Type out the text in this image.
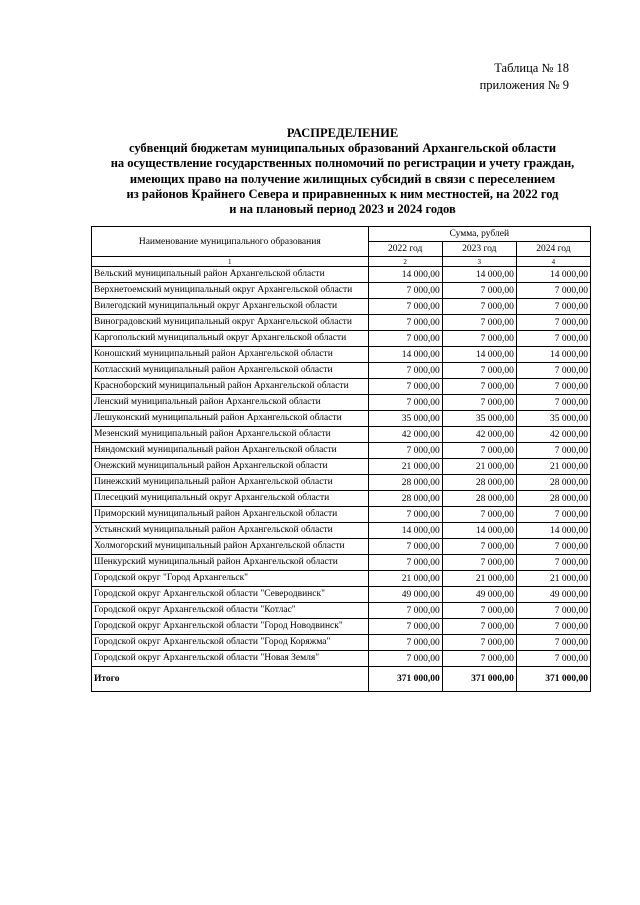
Таблица № 18
приложения № 9
РАСПРЕДЕЛЕНИЕ
субвенций бюджетам муниципальных образований Архангельской области
на осуществление государственных полномочий по регистрации и учету граждан,
имеющих право на получение жилищных субсидий в связи с переселением
из районов Крайнего Севера и приравненных к ним местностей, на 2022 год
и на плановый период 2023 и 2024 годов
Наименование муниципального образования	Сумма, рублей		
	2022 год	2023 год	2024 год
1	2	3	4
Вельский муниципальный район Архангельской области	14 000,00	14 000,00	14 000,00
Верхнетоемский муниципальный округ Архангельской области	7 000,00	7 000,00	7 000,00
Вилегодский муниципальный округ Архангельской области	7 000,00	7 000,00	7 000,00
Виноградовский муниципальный округ Архангельской области	7 000,00	7 000,00	7 000,00
Каргопольский муниципальный округ Архангельской области	7 000,00	7 000,00	7 000,00
Коношский муниципальный район Архангельской области	14 000,00	14 000,00	14 000,00
Котласский муниципальный район Архангельской области	7 000,00	7 000,00	7 000,00
Красноборский муниципальный район Архангельской области	7 000,00	7 000,00	7 000,00
Ленский муниципальный район Архангельской области	7 000,00	7 000,00	7 000,00
Лешуконский муниципальный район Архангельской области	35 000,00	35 000,00	35 000,00
Мезенский муниципальный район Архангельской области	42 000,00	42 000,00	42 000,00
Няндомский муниципальный район Архангельской области	7 000,00	7 000,00	7 000,00
Онежский муниципальный район Архангельской области	21 000,00	21 000,00	21 000,00
Пинежский муниципальный район Архангельской области	28 000,00	28 000,00	28 000,00
Плесецкий муниципальный округ Архангельской области	28 000,00	28 000,00	28 000,00
Приморский муниципальный район Архангельской области	7 000,00	7 000,00	7 000,00
Устьянский муниципальный район Архангельской области	14 000,00	14 000,00	14 000,00
Холмогорский муниципальный район Архангельской области	7 000,00	7 000,00	7 000,00
Шенкурский муниципальный район Архангельской области	7 000,00	7 000,00	7 000,00
Городской округ "Город Архангельск"	21 000,00	21 000,00	21 000,00
Городской округ Архангельской области "Северодвинск"	49 000,00	49 000,00	49 000,00
Городской округ Архангельской области "Котлас"	7 000,00	7 000,00	7 000,00
Городской округ Архангельской области "Город Новодвинск"	7 000,00	7 000,00	7 000,00
Городской округ Архангельской области "Город Коряжма"	7 000,00	7 000,00	7 000,00
Городской округ Архангельской области "Новая Земля"	7 000,00	7 000,00	7 000,00
Итого	371 000,00	371 000,00	371 000,00
